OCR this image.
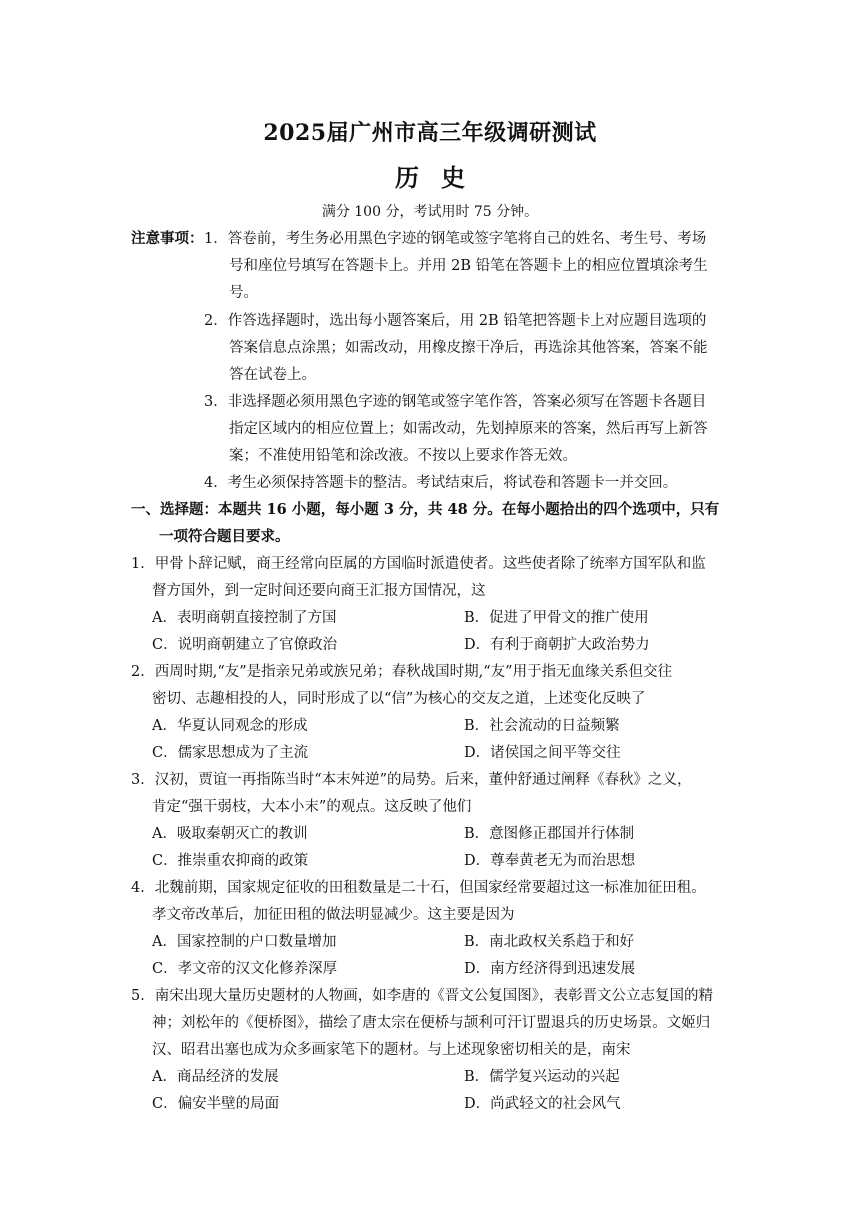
2025届广州市高三年级调研测试
历史
满分 100 分，考试用时 75 分钟。
注意事项： 1．答卷前，考生务必用黑色字迹的钢笔或签字笔将自己的姓名、考生号、考场
号和座位号填写在答题卡上。并用 2B 铅笔在答题卡上的相应位置填涂考生
号。
2．作答选择题时，选出每小题答案后，用 2B 铅笔把答题卡上对应题目选项的
答案信息点涂黑；如需改动，用橡皮擦干净后，再选涂其他答案，答案不能
答在试卷上。
3．非选择题必须用黑色字迹的钢笔或签字笔作答，答案必须写在答题卡各题目
指定区域内的相应位置上；如需改动，先划掉原来的答案，然后再写上新答
案；不准使用铅笔和涂改液。不按以上要求作答无效。
4．考生必须保持答题卡的整洁。考试结束后，将试卷和答题卡一并交回。
一、选择题：本题共 16 小题，每小题 3 分，共 48 分。在每小题拾出的四个选项中，只有
一项符合题目要求。
1．甲骨卜辞记赋，商王经常向臣属的方国临时派遣使者。这些使者除了统率方国军队和监
督方国外，到一定时间还要向商王汇报方国情况，这
A．表明商朝直接控制了方国	B．促进了甲骨文的推广使用
C．说明商朝建立了官僚政治	D．有利于商朝扩大政治势力
2．西周时期,“友”是指亲兄弟或族兄弟；春秋战国时期,“友”用于指无血缘关系但交往
密切、志趣相投的人，同时形成了以“信”为核心的交友之道，上述变化反映了
A．华夏认同观念的形成	B．社会流动的日益频繁
C．儒家思想成为了主流	D．诸侯国之间平等交往
3．汉初，贾谊一再指陈当时“本末舛逆”的局势。后来，董仲舒通过阐释《春秋》之义，
肯定“强干弱枝，大本小末”的观点。这反映了他们
A．吸取秦朝灭亡的教训	B．意图修正郡国并行体制
C．推崇重农抑商的政策	D．尊奉黄老无为而治思想
4．北魏前期，国家规定征收的田租数量是二十石，但国家经常要超过这一标准加征田租。
孝文帝改革后，加征田租的做法明显减少。这主要是因为
A．国家控制的户口数量增加	B．南北政权关系趋于和好
C．孝文帝的汉文化修养深厚	D．南方经济得到迅速发展
5．南宋出现大量历史题材的人物画，如李唐的《晋文公复国图》，表彰晋文公立志复国的精
神；刘松年的《便桥图》，描绘了唐太宗在便桥与颉利可汗订盟退兵的历史场景。文姬归
汉、昭君出塞也成为众多画家笔下的题材。与上述现象密切相关的是，南宋
A．商品经济的发展	B．儒学复兴运动的兴起
C．偏安半壁的局面	D．尚武轻文的社会风气
